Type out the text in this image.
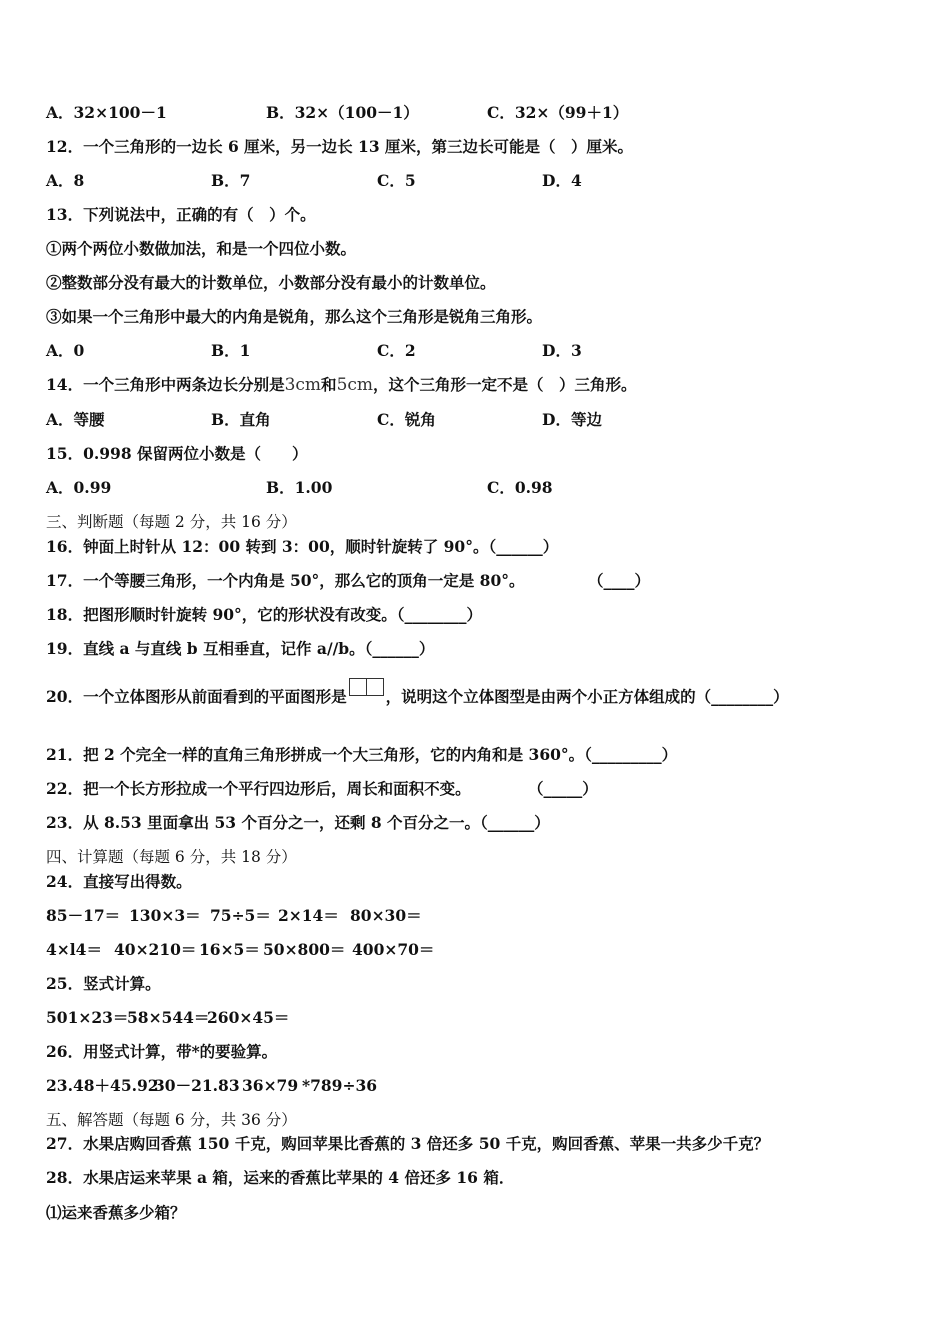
A．32×100－1	B．32×（100－1）	C．32×（99＋1）
12．一个三角形的一边长 6 厘米，另一边长 13 厘米，第三边长可能是（　）厘米。
A．8	B．7	C．5	D．4
13．下列说法中，正确的有（　）个。
①两个两位小数做加法，和是一个四位小数。
②整数部分没有最大的计数单位，小数部分没有最小的计数单位。
③如果一个三角形中最大的内角是锐角，那么这个三角形是锐角三角形。
A．0	B．1	C．2	D．3
14．一个三角形中两条边长分别是3cm和5cm，这个三角形一定不是（　）三角形。
A．等腰	B．直角	C．锐角	D．等边
15．0.998 保留两位小数是（　　）
A．0.99	B．1.00	C．0.98
三、判断题（每题 2 分，共 16 分）
16．钟面上时针从 12：00 转到 3：00，顺时针旋转了 90°。（______）
17．一个等腰三角形，一个内角是 50°，那么它的顶角一定是 80°。	（____）
18．把图形顺时针旋转 90°，它的形状没有改变。（________）
19．直线 a 与直线 b 互相垂直，记作 a//b。（______）
20．一个立体图形从前面看到的平面图形是	，说明这个立体图型是由两个小正方体组成的（________）
21．把 2 个完全一样的直角三角形拼成一个大三角形，它的内角和是 360°。（_________）
22．把一个长方形拉成一个平行四边形后，周长和面积不变。	（_____）
23．从 8.53 里面拿出 53 个百分之一，还剩 8 个百分之一。（______）
四、计算题（每题 6 分，共 18 分）
24．直接写出得数。
85－17＝ 130×3＝ 75÷5＝ 2×14＝ 80×30＝
4×l4＝ 40×210＝ 16×5＝ 50×800＝ 400×70＝
25．竖式计算。
501×23＝
58×544＝
260×45＝
26．用竖式计算，带*的要验算。
23.48＋45.92
30－21.83 36×79 *789÷36
五、解答题（每题 6 分，共 36 分）
27．水果店购回香蕉 150 千克，购回苹果比香蕉的 3 倍还多 50 千克，购回香蕉、苹果一共多少千克？
28．水果店运来苹果 a 箱，运来的香蕉比苹果的 4 倍还多 16 箱．
⑴运来香蕉多少箱？
